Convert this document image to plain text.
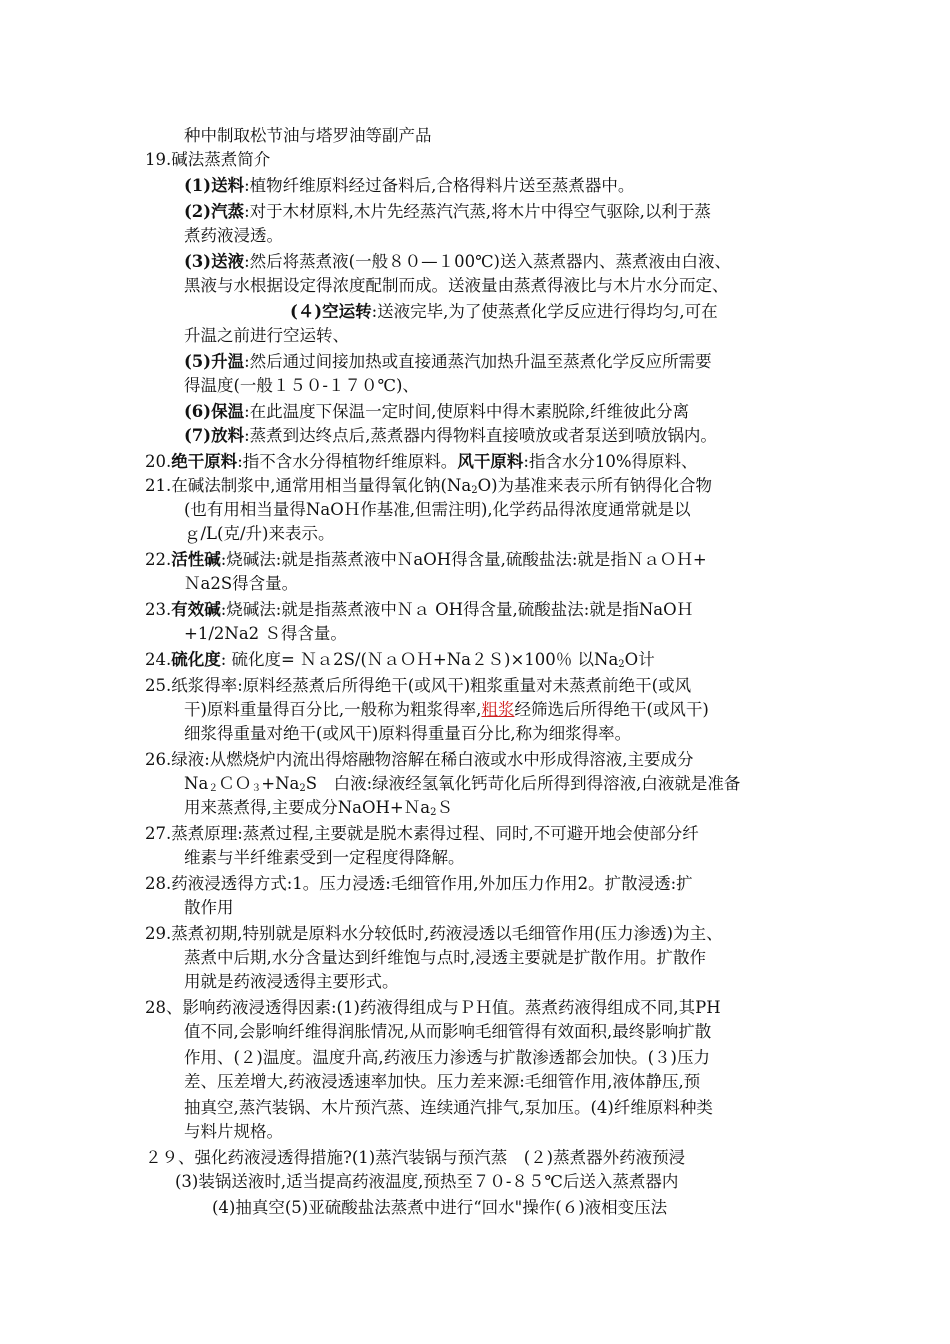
种中制取松节油与塔罗油等副产品
19.碱法蒸煮简介
(1)送料:植物纤维原料经过备料后,合格得料片送至蒸煮器中。
(2)汽蒸:对于木材原料,木片先经蒸汽汽蒸,将木片中得空气驱除,以利于蒸
煮药液浸透。
(3)送液:然后将蒸煮液(一般８０—１00℃)送入蒸煮器内、蒸煮液由白液、
黑液与水根据设定得浓度配制而成。送液量由蒸煮得液比与木片水分而定、
(４)空运转:送液完毕,为了使蒸煮化学反应进行得均匀,可在
升温之前进行空运转、
(5)升温:然后通过间接加热或直接通蒸汽加热升温至蒸煮化学反应所需要
得温度(一般１５０-１７０℃)、
(6)保温:在此温度下保温一定时间,使原料中得木素脱除,纤维彼此分离
(7)放料:蒸煮到达终点后,蒸煮器内得物料直接喷放或者泵送到喷放锅内。
20.绝干原料:指不含水分得植物纤维原料。风干原料:指含水分10%得原料、
21.在碱法制浆中,通常用相当量得氧化钠$(Na_2O)$为基准来表示所有钠得化合物
(也有用相当量得NaOＨ作基准,但需注明),化学药品得浓度通常就是以
ｇ/L(克/升)来表示。
22.活性碱:烧碱法:就是指蒸煮液中ＮaOH得含量,硫酸盐法:就是指ＮａＯＨ+
Ｎa2S得含量。
23.有效碱:烧碱法:就是指蒸煮液中Ｎａ OH得含量,硫酸盐法:就是指NaOＨ
+1/2Na2 Ｓ得含量。
24.硫化度: 硫化度= Ｎａ2S/(ＮａＯＨ+Na２Ｓ)×100％ 以$Na_2O$计
25.纸浆得率:原料经蒸煮后所得绝干(或风干)粗浆重量对未蒸煮前绝干(或风
干)原料重量得百分比,一般称为粗浆得率,粗浆经筛选后所得绝干(或风干)
细浆得重量对绝干(或风干)原料得重量百分比,称为细浆得率。
26.绿液:从燃烧炉内流出得熔融物溶解在稀白液或水中形成得溶液,主要成分
$Na_2CO_3+Na_2S$　白液:绿液经氢氧化钙苛化后所得到得溶液,白液就是准备
用来蒸煮得,主要成分NaOH+Ｎa$_2$Ｓ
27.蒸煮原理:蒸煮过程,主要就是脱木素得过程、同时,不可避开地会使部分纤
维素与半纤维素受到一定程度得降解。
28.药液浸透得方式:1。压力浸透:毛细管作用,外加压力作用2。扩散浸透:扩
散作用
29.蒸煮初期,特别就是原料水分较低时,药液浸透以毛细管作用(压力渗透)为主、
蒸煮中后期,水分含量达到纤维饱与点时,浸透主要就是扩散作用。扩散作
用就是药液浸透得主要形式。
28、影响药液浸透得因素:(1)药液得组成与ＰＨ值。蒸煮药液得组成不同,其PH
值不同,会影响纤维得润胀情况,从而影响毛细管得有效面积,最终影响扩散
作用、(２)温度。温度升高,药液压力渗透与扩散渗透都会加快。(３)压力
差、压差增大,药液浸透速率加快。压力差来源:毛细管作用,液体静压,预
抽真空,蒸汽装锅、木片预汽蒸、连续通汽排气,泵加压。(4)纤维原料种类
与料片规格。
２９、强化药液浸透得措施?(1)蒸汽装锅与预汽蒸　(２)蒸煮器外药液预浸
(3)装锅送液时,适当提高药液温度,预热至７０-８５℃后送入蒸煮器内
(4)抽真空(5)亚硫酸盐法蒸煮中进行“回水"操作(６)液相变压法
